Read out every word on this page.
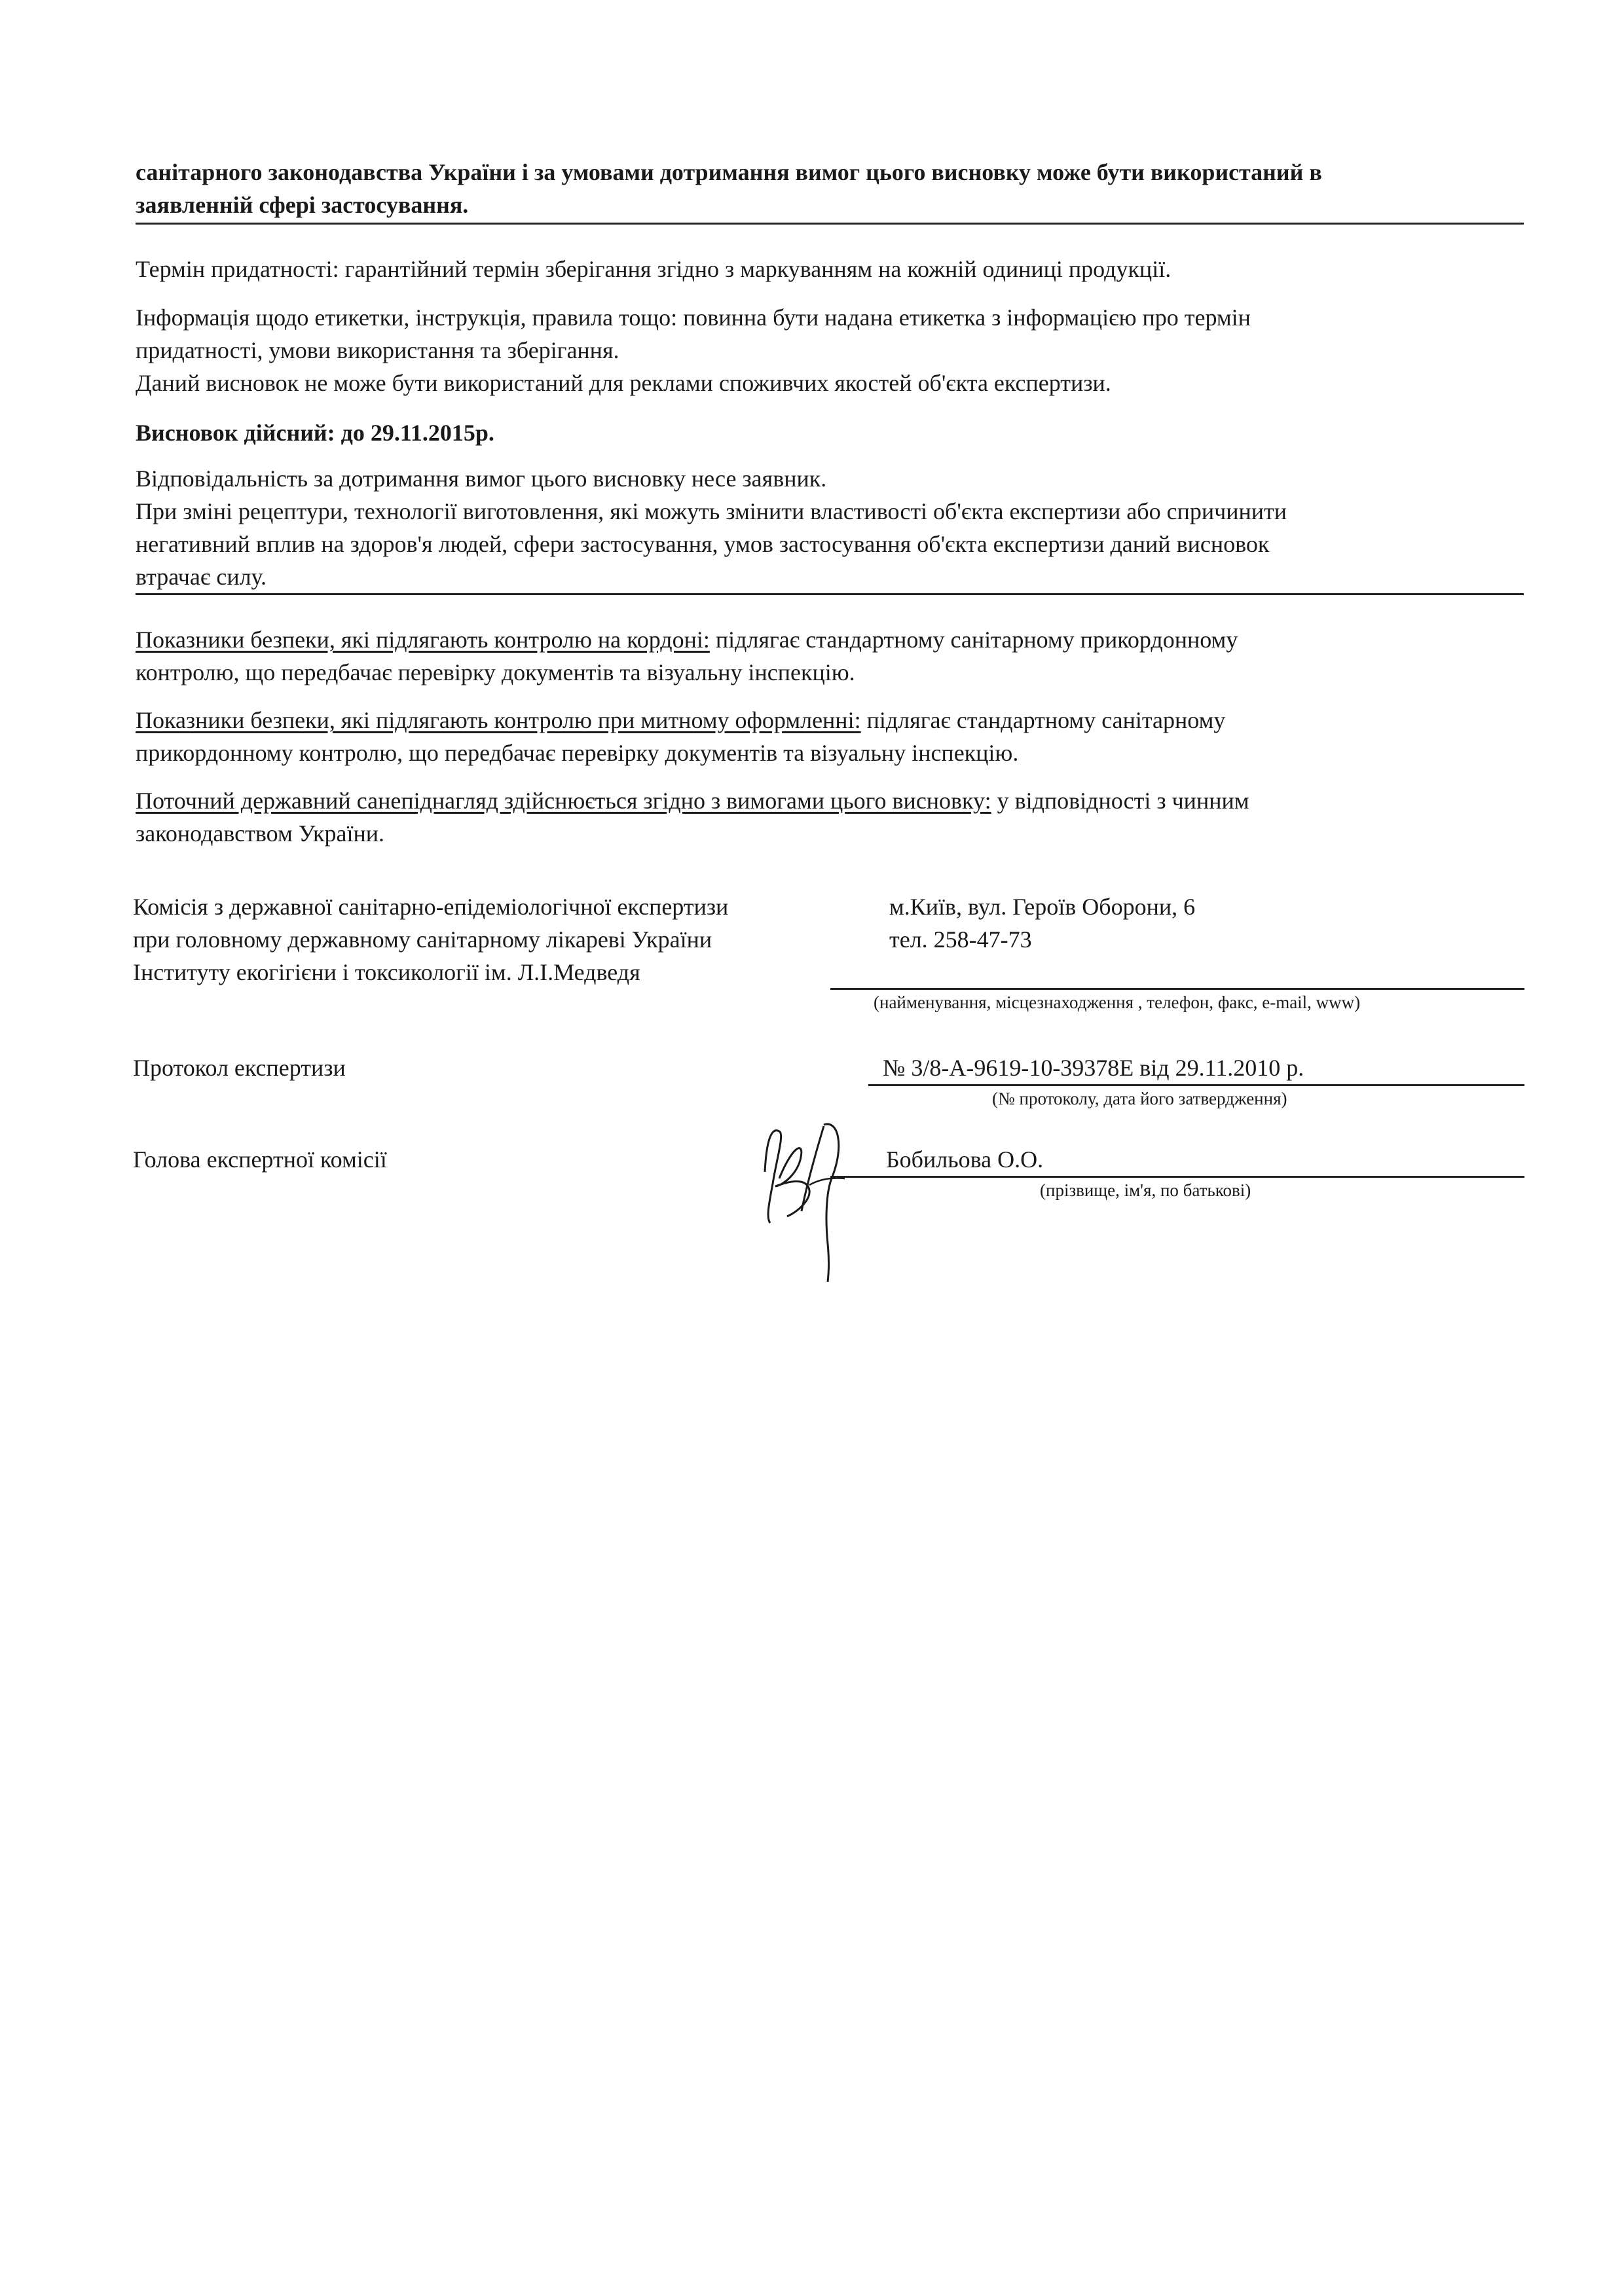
санітарного законодавства України і за умовами дотримання вимог цього висновку може бути використаний в
заявленній сфері застосування.
Термін придатності: гарантійний термін зберігання згідно з маркуванням на кожній одиниці продукції.
Інформація щодо етикетки, інструкція, правила тощо: повинна бути надана етикетка з інформацією про термін
придатності, умови використання та зберігання.
Даний висновок не може бути використаний для реклами споживчих якостей об'єкта експертизи.
Висновок дійсний: до 29.11.2015р.
Відповідальність за дотримання вимог цього висновку несе заявник.
При зміні рецептури, технології виготовлення, які можуть змінити властивості об'єкта експертизи або спричинити
негативний вплив на здоров'я людей, сфери застосування, умов застосування об'єкта експертизи даний висновок
втрачає силу.
Показники безпеки, які підлягають контролю на кордоні: підлягає стандартному санітарному прикордонному
контролю, що передбачає перевірку документів та візуальну інспекцію.
Показники безпеки, які підлягають контролю при митному оформленні: підлягає стандартному санітарному
прикордонному контролю, що передбачає перевірку документів та візуальну інспекцію.
Поточний державний санепіднагляд здійснюється згідно з вимогами цього висновку: у відповідності з чинним
законодавством України.
Комісія з державної санітарно-епідеміологічної експертизи
при головному державному санітарному лікареві України
Інституту екогігієни і токсикології ім. Л.І.Медведя
м.Київ, вул. Героїв Оборони, 6
тел. 258-47-73
(найменування, місцезнаходження , телефон, факс, e-mail, www)
Протокол експертизи	№ 3/8-А-9619-10-39378Е від 29.11.2010 р.
(№ протоколу, дата його затвердження)
Голова експертної комісії	Бобильова О.О.
(прізвище, ім'я, по батькові)
